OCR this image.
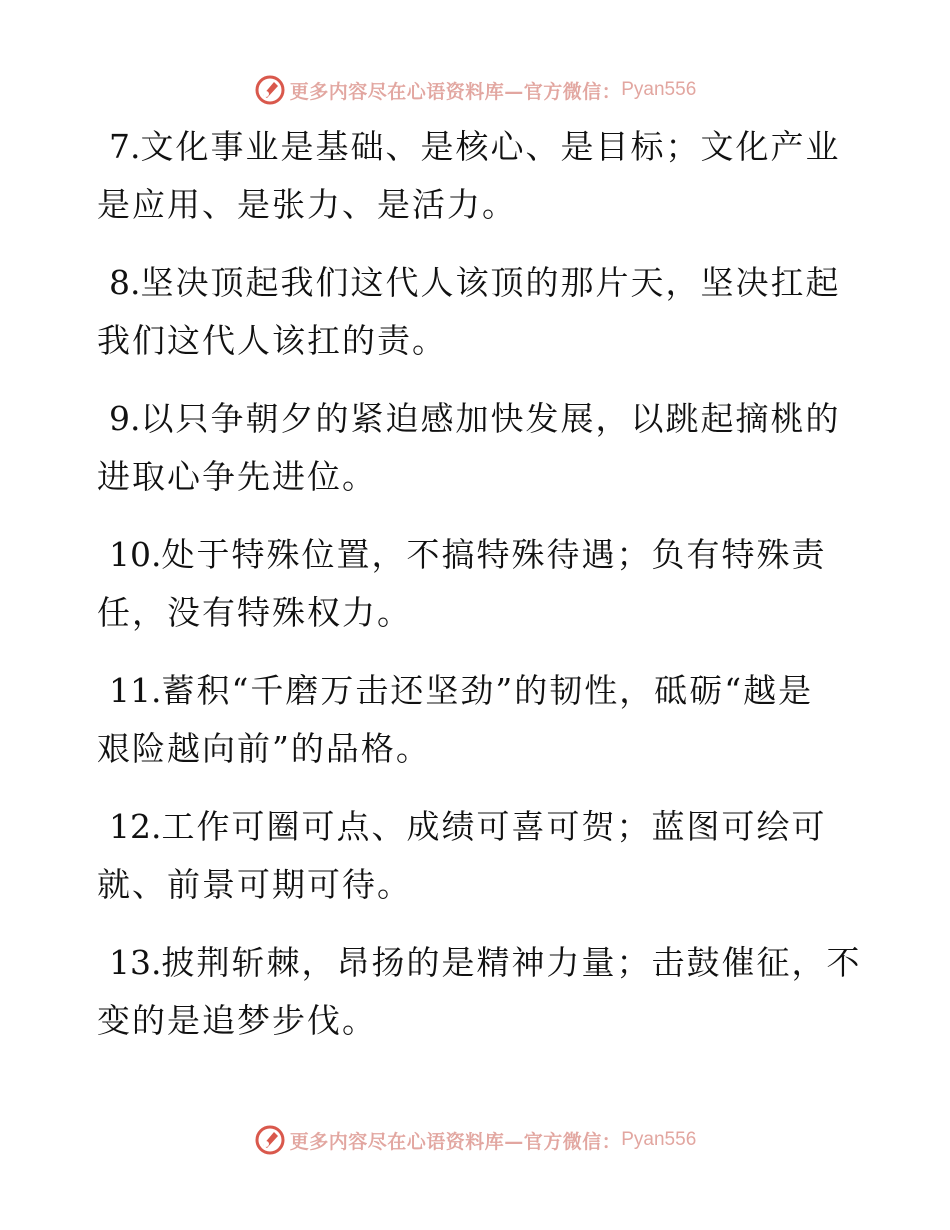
更多内容尽在心语资料库—官方微信： Pyan556
7.文化事业是基础、是核心、是目标；文化产业
是应用、是张力、是活力。
8.坚决顶起我们这代人该顶的那片天，坚决扛起
我们这代人该扛的责。
9.以只争朝夕的紧迫感加快发展，以跳起摘桃的
进取心争先进位。
10.处于特殊位置，不搞特殊待遇；负有特殊责
任，没有特殊权力。
11.蓄积“千磨万击还坚劲”的韧性，砥砺“越是
艰险越向前”的品格。
12.工作可圈可点、成绩可喜可贺；蓝图可绘可
就、前景可期可待。
13.披荆斩棘，昂扬的是精神力量；击鼓催征，不
变的是追梦步伐。
更多内容尽在心语资料库—官方微信： Pyan556
